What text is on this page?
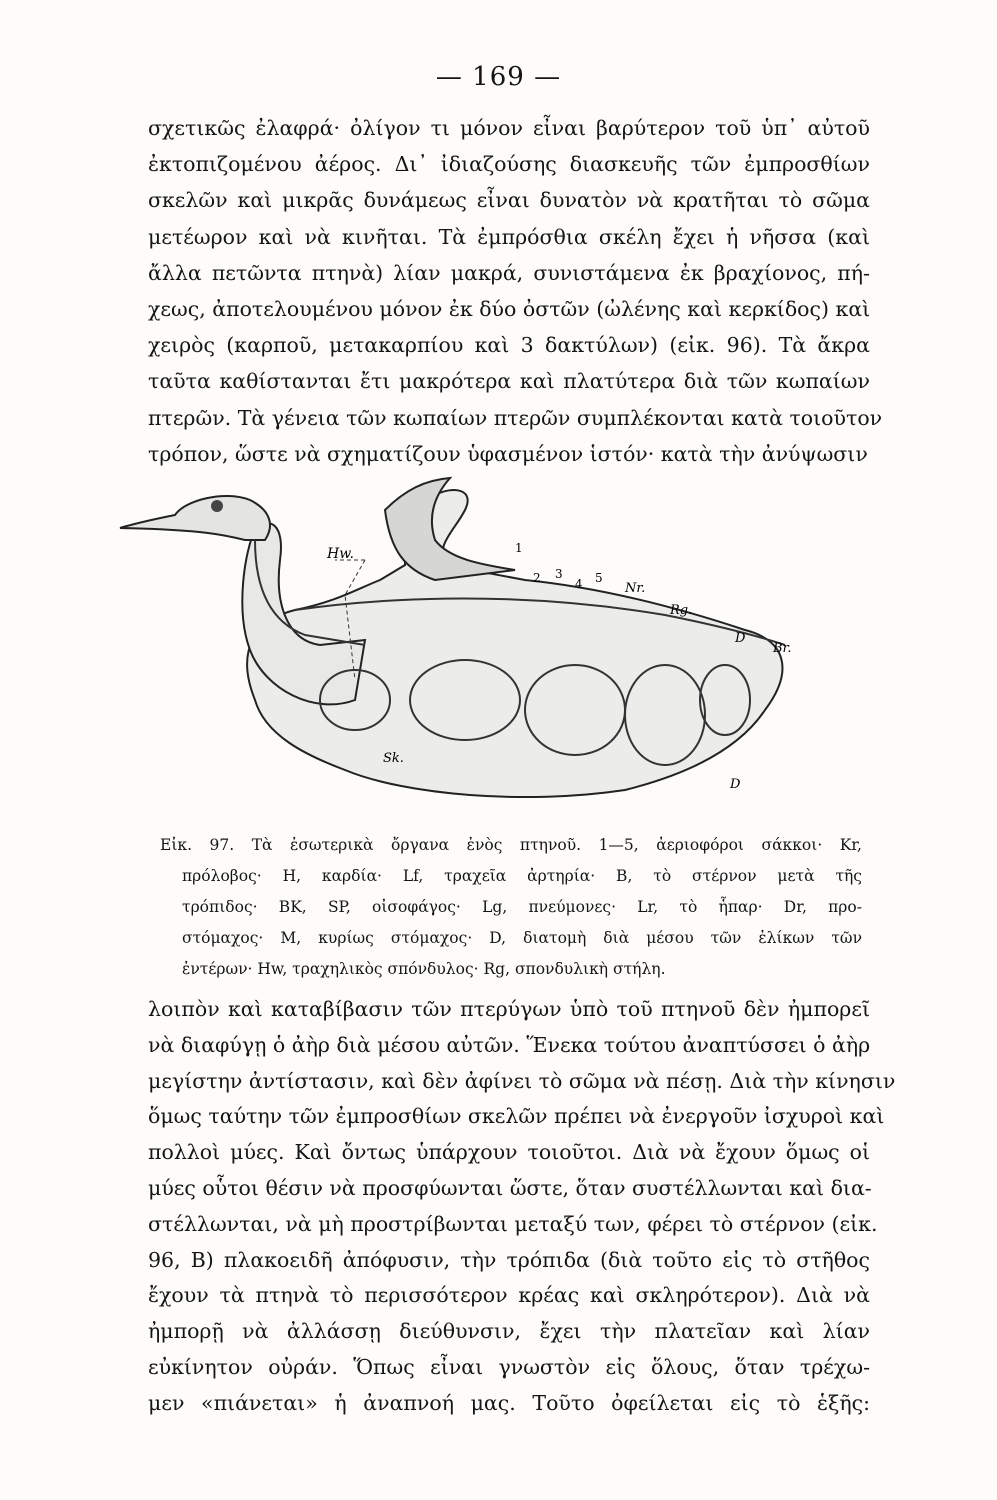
— 169 —
σχετικῶς ἐλαφρά· ὀλίγον τι μόνον εἶναι βαρύτερον τοῦ ὑπ᾽ αὐτοῦ
ἐκτοπιζομένου ἀέρος. Δι᾽ ἰδιαζούσης διασκευῆς τῶν ἐμπροσθίων
σκελῶν καὶ μικρᾶς δυνάμεως εἶναι δυνατὸν νὰ κρατῆται τὸ σῶμα
μετέωρον καὶ νὰ κινῆται. Τὰ ἐμπρόσθια σκέλη ἔχει ἡ νῆσσα (καὶ
ἄλλα πετῶντα πτηνὰ) λίαν μακρά, συνιστάμενα ἐκ βραχίονος, πή-
χεως, ἀποτελουμένου μόνον ἐκ δύο ὀστῶν (ὠλένης καὶ κερκίδος) καὶ
χειρὸς (καρποῦ, μετακαρπίου καὶ 3 δακτύλων) (εἰκ. 96). Τὰ ἄκρα
ταῦτα καθίστανται ἔτι μακρότερα καὶ πλατύτερα διὰ τῶν κωπαίων
πτερῶν. Τὰ γένεια τῶν κωπαίων πτερῶν συμπλέκονται κατὰ τοιοῦτον
τρόπον, ὥστε νὰ σχηματίζουν ὑφασμένον ἱστόν· κατὰ τὴν ἀνύψωσιν
Hw.	1
2 3
4 5
Nr.
Rg.
D
Br.
Sk.
D
Εἰκ. 97. Τὰ ἐσωτερικὰ ὄργανα ἑνὸς πτηνοῦ. 1—5, ἀεριοφόροι σάκκοι· Kr,
πρόλοβος· H, καρδία· Lf, τραχεῖα ἀρτηρία· B, τὸ στέρνον μετὰ τῆς
τρόπιδος· BK, SP, οἰσοφάγος· Lg, πνεύμονες· Lr, τὸ ἧπαρ· Dr, προ-
στόμαχος· M, κυρίως στόμαχος· D, διατομὴ διὰ μέσου τῶν ἑλίκων τῶν
ἐντέρων· Hw, τραχηλικὸς σπόνδυλος· Rg, σπονδυλικὴ στήλη.
λοιπὸν καὶ καταβίβασιν τῶν πτερύγων ὑπὸ τοῦ πτηνοῦ δὲν ἠμπορεῖ
νὰ διαφύγῃ ὁ ἀὴρ διὰ μέσου αὐτῶν. Ἕνεκα τούτου ἀναπτύσσει ὁ ἀὴρ
μεγίστην ἀντίστασιν, καὶ δὲν ἀφίνει τὸ σῶμα νὰ πέσῃ. Διὰ τὴν κίνησιν
ὅμως ταύτην τῶν ἐμπροσθίων σκελῶν πρέπει νὰ ἐνεργοῦν ἰσχυροὶ καὶ
πολλοὶ μύες. Καὶ ὄντως ὑπάρχουν τοιοῦτοι. Διὰ νὰ ἔχουν ὅμως οἱ
μύες οὗτοι θέσιν νὰ προσφύωνται ὥστε, ὅταν συστέλλωνται καὶ δια-
στέλλωνται, νὰ μὴ προστρίβωνται μεταξύ των, φέρει τὸ στέρνον (εἰκ.
96, B) πλακοειδῆ ἀπόφυσιν, τὴν τρόπιδα (διὰ τοῦτο εἰς τὸ στῆθος
ἔχουν τὰ πτηνὰ τὸ περισσότερον κρέας καὶ σκληρότερον). Διὰ νὰ
ἠμπορῇ νὰ ἀλλάσσῃ διεύθυνσιν, ἔχει τὴν πλατεῖαν καὶ λίαν
εὐκίνητον οὐράν. Ὅπως εἶναι γνωστὸν εἰς ὅλους, ὅταν τρέχω-
μεν «πιάνεται» ἡ ἀναπνοή μας. Τοῦτο ὀφείλεται εἰς τὸ ἑξῆς:
